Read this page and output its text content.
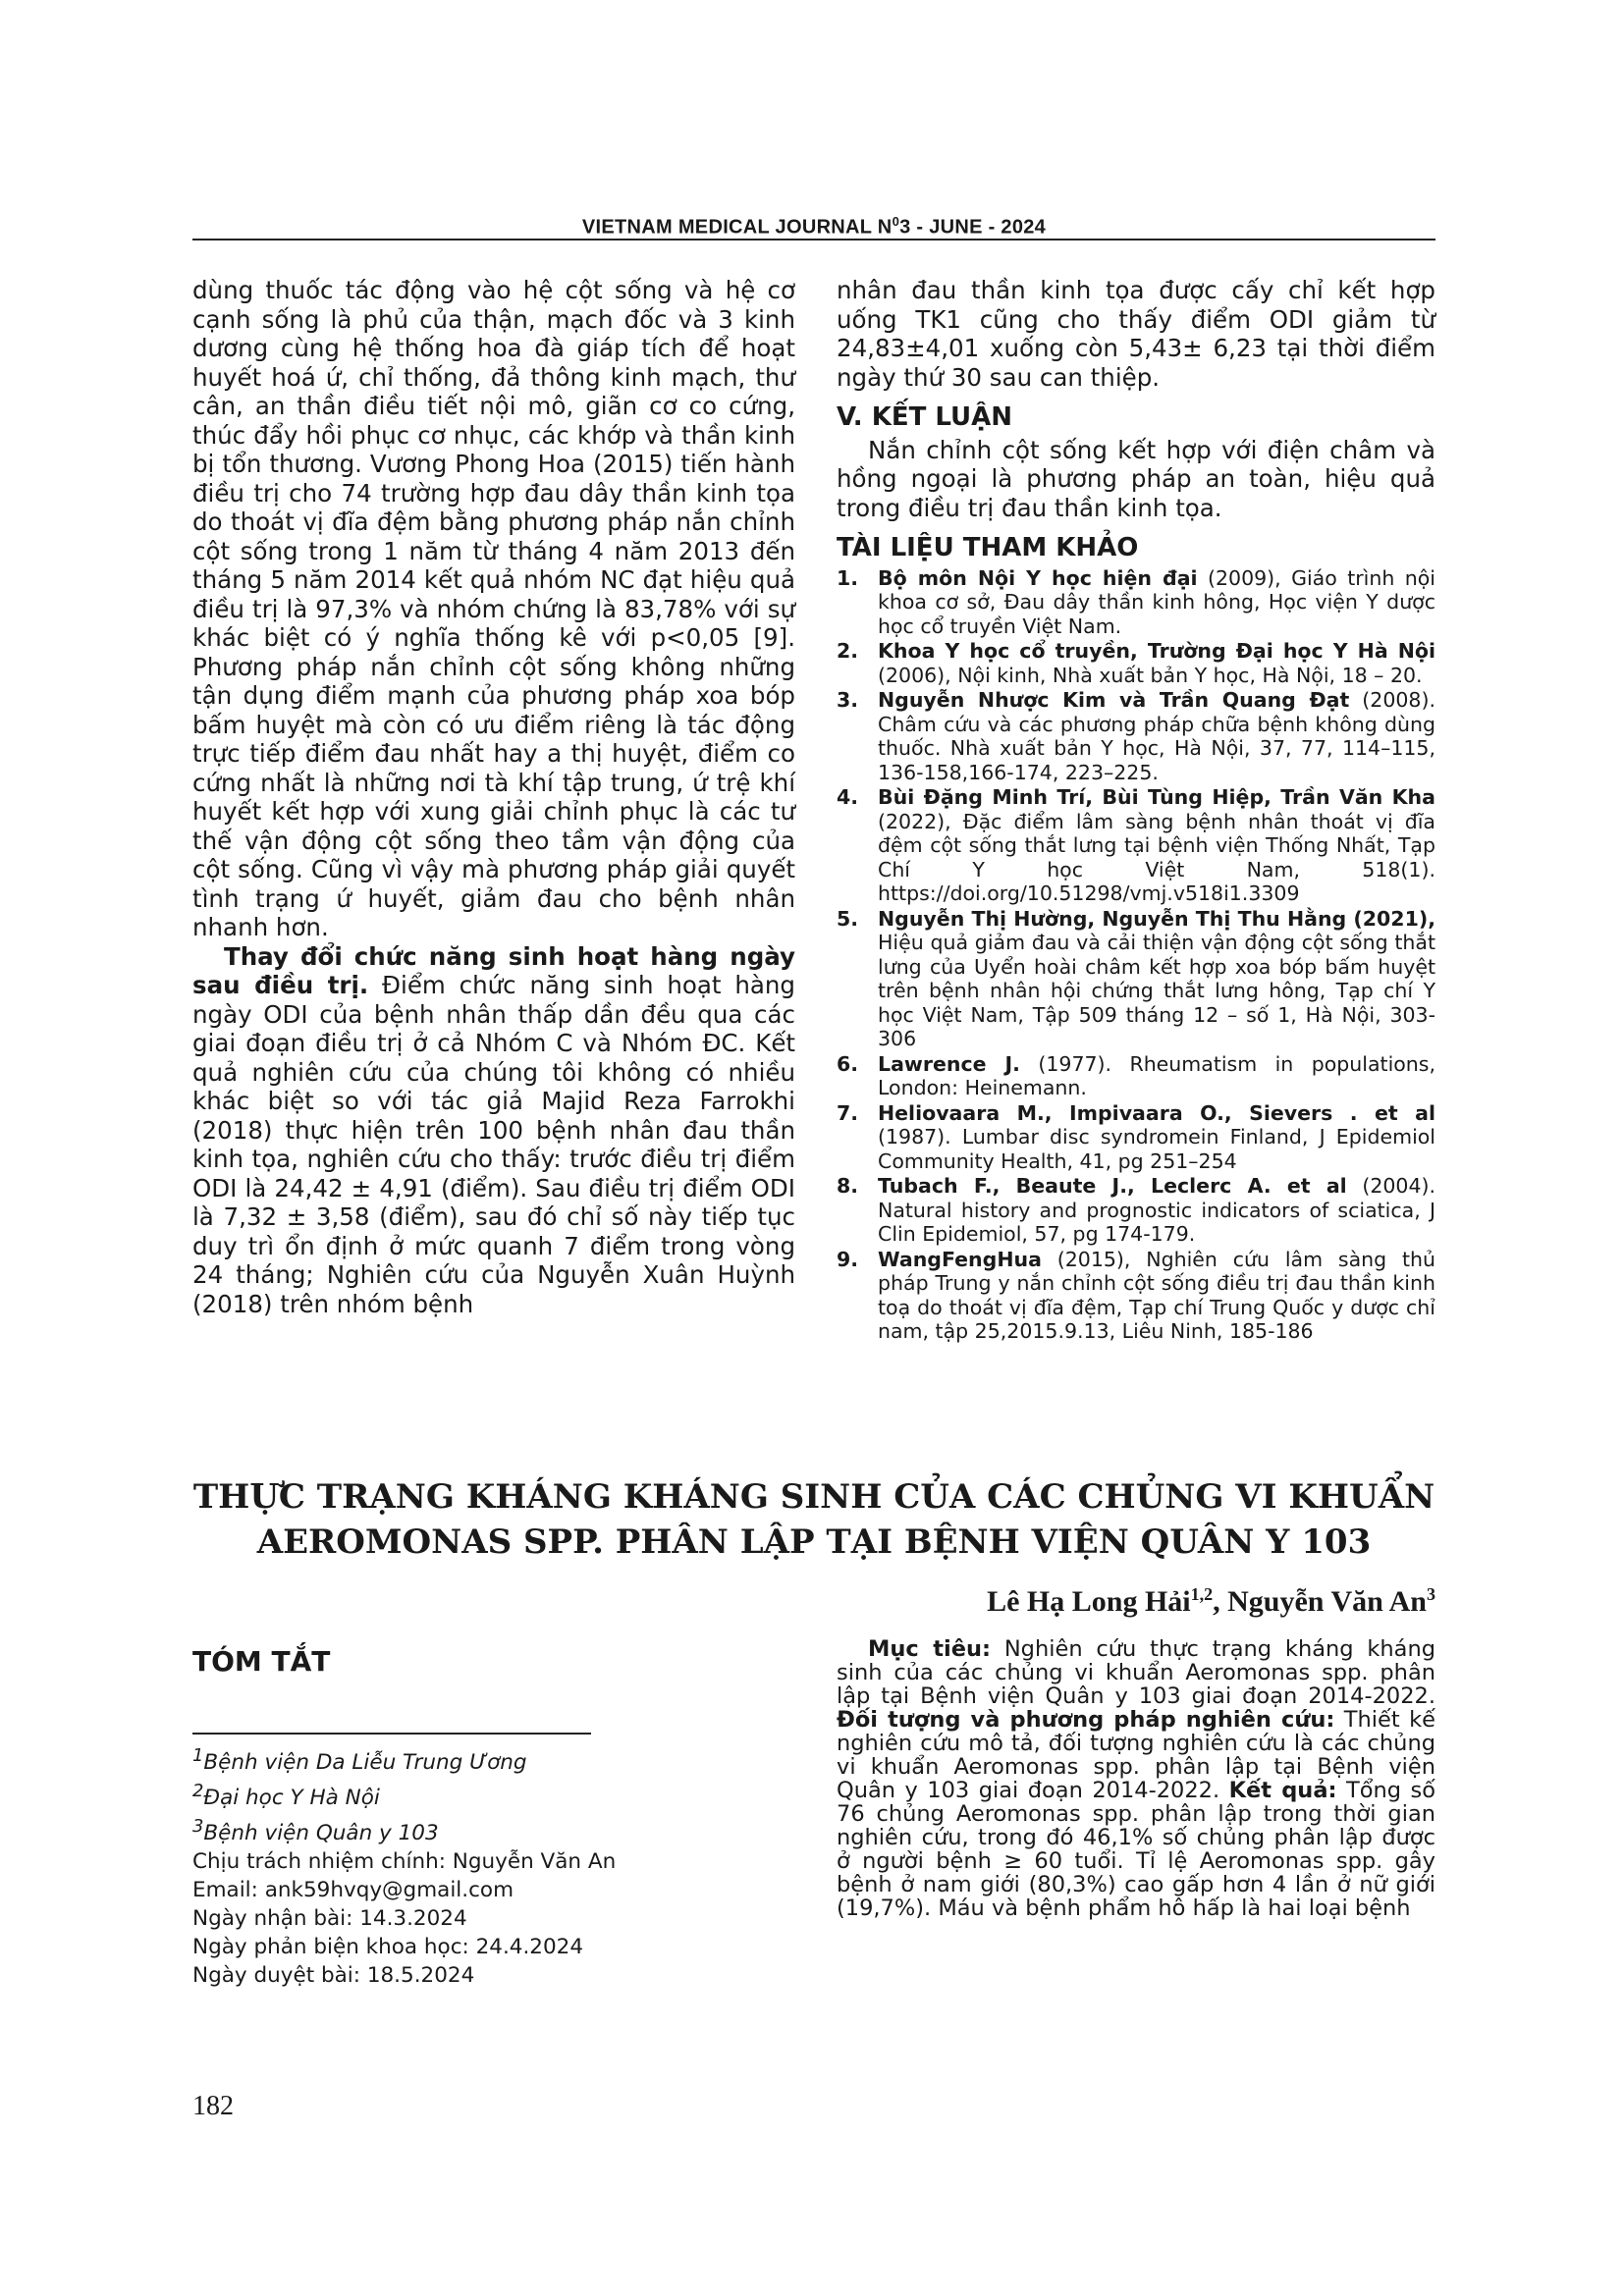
VIETNAM MEDICAL JOURNAL $N^03$ - JUNE - 2024

dùng thuốc tác động vào hệ cột sống và hệ cơ cạnh sống là phủ của thận, mạch đốc và 3 kinh dương cùng hệ thống hoa đà giáp tích để hoạt huyết hoá ứ, chỉ thống, đả thông kinh mạch, thư cân, an thần điều tiết nội mô, giãn cơ co cứng, thúc đẩy hồi phục cơ nhục, các khớp và thần kinh bị tổn thương. Vương Phong Hoa (2015) tiến hành điều trị cho 74 trường hợp đau dây thần kinh tọa do thoát vị đĩa đệm bằng phương pháp nắn chỉnh cột sống trong 1 năm từ tháng 4 năm 2013 đến tháng 5 năm 2014 kết quả nhóm NC đạt hiệu quả điều trị là 97,3% và nhóm chứng là 83,78% với sự khác biệt có ý nghĩa thống kê với p<0,05 [9]. Phương pháp nắn chỉnh cột sống không những tận dụng điểm mạnh của phương pháp xoa bóp bấm huyệt mà còn có ưu điểm riêng là tác động trực tiếp điểm đau nhất hay a thị huyệt, điểm co cứng nhất là những nơi tà khí tập trung, ứ trệ khí huyết kết hợp với xung giải chỉnh phục là các tư thế vận động cột sống theo tầm vận động của cột sống. Cũng vì vậy mà phương pháp giải quyết tình trạng ứ huyết, giảm đau cho bệnh nhân nhanh hơn.

Thay đổi chức năng sinh hoạt hàng ngày sau điều trị. Điểm chức năng sinh hoạt hàng ngày ODI của bệnh nhân thấp dần đều qua các giai đoạn điều trị ở cả Nhóm C và Nhóm ĐC. Kết quả nghiên cứu của chúng tôi không có nhiều khác biệt so với tác giả Majid Reza Farrokhi (2018) thực hiện trên 100 bệnh nhân đau thần kinh tọa, nghiên cứu cho thấy: trước điều trị điểm ODI là 24,42 ± 4,91 (điểm). Sau điều trị điểm ODI là 7,32 ± 3,58 (điểm), sau đó chỉ số này tiếp tục duy trì ổn định ở mức quanh 7 điểm trong vòng 24 tháng; Nghiên cứu của Nguyễn Xuân Huỳnh (2018) trên nhóm bệnh

nhân đau thần kinh tọa được cấy chỉ kết hợp uống TK1 cũng cho thấy điểm ODI giảm từ 24,83±4,01 xuống còn 5,43± 6,23 tại thời điểm ngày thứ 30 sau can thiệp.

V. KẾT LUẬN

Nắn chỉnh cột sống kết hợp với điện châm và hồng ngoại là phương pháp an toàn, hiệu quả trong điều trị đau thần kinh tọa.

TÀI LIỆU THAM KHẢO
1. Bộ môn Nội Y học hiện đại (2009), Giáo trình nội khoa cơ sở, Đau dây thần kinh hông, Học viện Y dược học cổ truyền Việt Nam.
2. Khoa Y học cổ truyền, Trường Đại học Y Hà Nội (2006), Nội kinh, Nhà xuất bản Y học, Hà Nội, 18 – 20.
3. Nguyễn Nhược Kim và Trần Quang Đạt (2008). Châm cứu và các phương pháp chữa bệnh không dùng thuốc. Nhà xuất bản Y học, Hà Nội, 37, 77, 114–115, 136-158,166-174, 223–225.
4. Bùi Đặng Minh Trí, Bùi Tùng Hiệp, Trần Văn Kha (2022), Đặc điểm lâm sàng bệnh nhân thoát vị đĩa đệm cột sống thắt lưng tại bệnh viện Thống Nhất, Tạp Chí Y học Việt Nam, 518(1). https://doi.org/10.51298/vmj.v518i1.3309
5. Nguyễn Thị Hường, Nguyễn Thị Thu Hằng (2021), Hiệu quả giảm đau và cải thiện vận động cột sống thắt lưng của Uyển hoài châm kết hợp xoa bóp bấm huyệt trên bệnh nhân hội chứng thắt lưng hông, Tạp chí Y học Việt Nam, Tập 509 tháng 12 – số 1, Hà Nội, 303-306
6. Lawrence J. (1977). Rheumatism in populations, London: Heinemann.
7. Heliovaara M., Impivaara O., Sievers . et al (1987). Lumbar disc syndromein Finland, J Epidemiol Community Health, 41, pg 251–254
8. Tubach F., Beaute J., Leclerc A. et al (2004). Natural history and prognostic indicators of sciatica, J Clin Epidemiol, 57, pg 174-179.
9. WangFengHua (2015), Nghiên cứu lâm sàng thủ pháp Trung y nắn chỉnh cột sống điều trị đau thần kinh toạ do thoát vị đĩa đệm, Tạp chí Trung Quốc y dược chỉ nam, tập 25,2015.9.13, Liêu Ninh, 185-186
THỰC TRẠNG KHÁNG KHÁNG SINH CỦA CÁC CHỦNG VI KHUẨN
AEROMONAS SPP. PHÂN LẬP TẠI BỆNH VIỆN QUÂN Y 103
Lê Hạ Long Hải$^{1,2}$, Nguyễn Văn An$^3$
TÓM TẮT
$^1$Bệnh viện Da Liễu Trung Ương
$^2$Đại học Y Hà Nội
$^3$Bệnh viện Quân y 103
Chịu trách nhiệm chính: Nguyễn Văn An
Email: ank59hvqy@gmail.com
Ngày nhận bài: 14.3.2024
Ngày phản biện khoa học: 24.4.2024
Ngày duyệt bài: 18.5.2024

Mục tiêu: Nghiên cứu thực trạng kháng kháng sinh của các chủng vi khuẩn Aeromonas spp. phân lập tại Bệnh viện Quân y 103 giai đoạn 2014-2022. Đối tượng và phương pháp nghiên cứu: Thiết kế nghiên cứu mô tả, đối tượng nghiên cứu là các chủng vi khuẩn Aeromonas spp. phân lập tại Bệnh viện Quân y 103 giai đoạn 2014-2022. Kết quả: Tổng số 76 chủng Aeromonas spp. phân lập trong thời gian nghiên cứu, trong đó 46,1% số chủng phân lập được ở người bệnh ≥ 60 tuổi. Tỉ lệ Aeromonas spp. gây bệnh ở nam giới (80,3%) cao gấp hơn 4 lần ở nữ giới (19,7%). Máu và bệnh phẩm hô hấp là hai loại bệnh

182
